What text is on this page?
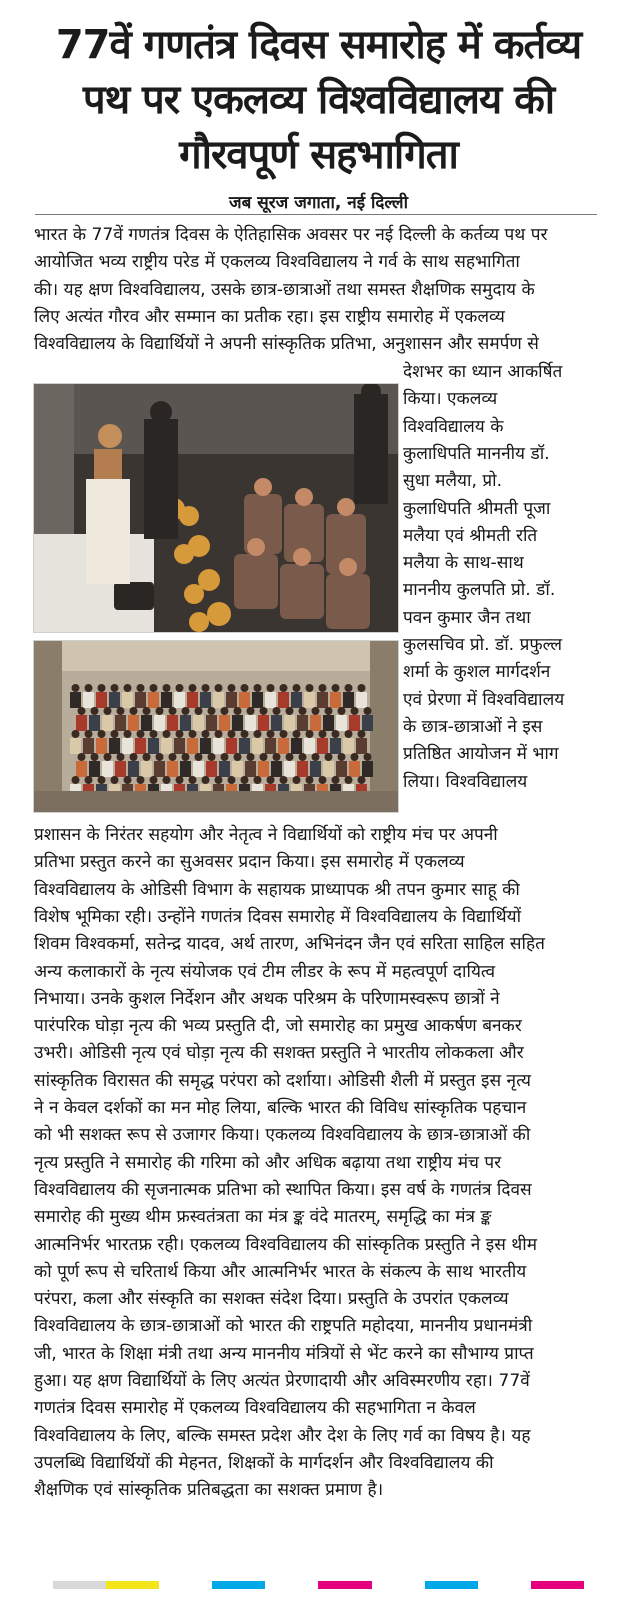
77वें गणतंत्र दिवस समारोह में कर्तव्य
पथ पर एकलव्य विश्वविद्यालय की
गौरवपूर्ण सहभागिता
जब सूरज जगाता, नई दिल्ली
भारत के 77वें गणतंत्र दिवस के ऐतिहासिक अवसर पर नई दिल्ली के कर्तव्य पथ पर
आयोजित भव्य राष्ट्रीय परेड में एकलव्य विश्वविद्यालय ने गर्व के साथ सहभागिता
की। यह क्षण विश्वविद्यालय, उसके छात्र-छात्राओं तथा समस्त शैक्षणिक समुदाय के
लिए अत्यंत गौरव और सम्मान का प्रतीक रहा। इस राष्ट्रीय समारोह में एकलव्य
विश्वविद्यालय के विद्यार्थियों ने अपनी सांस्कृतिक प्रतिभा, अनुशासन और समर्पण से
देशभर का ध्यान आकर्षित
किया। एकलव्य
विश्वविद्यालय के
कुलाधिपति माननीय डॉ.
सुधा मलैया, प्रो.
कुलाधिपति श्रीमती पूजा
मलैया एवं श्रीमती रति
मलैया के साथ-साथ
माननीय कुलपति प्रो. डॉ.
पवन कुमार जैन तथा
कुलसचिव प्रो. डॉ. प्रफुल्ल
शर्मा के कुशल मार्गदर्शन
एवं प्रेरणा में विश्वविद्यालय
के छात्र-छात्राओं ने इस
प्रतिष्ठित आयोजन में भाग
लिया। विश्वविद्यालय
प्रशासन के निरंतर सहयोग और नेतृत्व ने विद्यार्थियों को राष्ट्रीय मंच पर अपनी
प्रतिभा प्रस्तुत करने का सुअवसर प्रदान किया। इस समारोह में एकलव्य
विश्वविद्यालय के ओडिसी विभाग के सहायक प्राध्यापक श्री तपन कुमार साहू की
विशेष भूमिका रही। उन्होंने गणतंत्र दिवस समारोह में विश्वविद्यालय के विद्यार्थियों
शिवम विश्वकर्मा, सतेन्द्र यादव, अर्थ तारण, अभिनंदन जैन एवं सरिता साहिल सहित
अन्य कलाकारों के नृत्य संयोजक एवं टीम लीडर के रूप में महत्वपूर्ण दायित्व
निभाया। उनके कुशल निर्देशन और अथक परिश्रम के परिणामस्वरूप छात्रों ने
पारंपरिक घोड़ा नृत्य की भव्य प्रस्तुति दी, जो समारोह का प्रमुख आकर्षण बनकर
उभरी। ओडिसी नृत्य एवं घोड़ा नृत्य की सशक्त प्रस्तुति ने भारतीय लोककला और
सांस्कृतिक विरासत की समृद्ध परंपरा को दर्शाया। ओडिसी शैली में प्रस्तुत इस नृत्य
ने न केवल दर्शकों का मन मोह लिया, बल्कि भारत की विविध सांस्कृतिक पहचान
को भी सशक्त रूप से उजागर किया। एकलव्य विश्वविद्यालय के छात्र-छात्राओं की
नृत्य प्रस्तुति ने समारोह की गरिमा को और अधिक बढ़ाया तथा राष्ट्रीय मंच पर
विश्वविद्यालय की सृजनात्मक प्रतिभा को स्थापित किया। इस वर्ष के गणतंत्र दिवस
समारोह की मुख्य थीम फ्रस्वतंत्रता का मंत्र ङ्क वंदे मातरम्, समृद्धि का मंत्र ङ्क
आत्मनिर्भर भारतफ्र रही। एकलव्य विश्वविद्यालय की सांस्कृतिक प्रस्तुति ने इस थीम
को पूर्ण रूप से चरितार्थ किया और आत्मनिर्भर भारत के संकल्प के साथ भारतीय
परंपरा, कला और संस्कृति का सशक्त संदेश दिया। प्रस्तुति के उपरांत एकलव्य
विश्वविद्यालय के छात्र-छात्राओं को भारत की राष्ट्रपति महोदया, माननीय प्रधानमंत्री
जी, भारत के शिक्षा मंत्री तथा अन्य माननीय मंत्रियों से भेंट करने का सौभाग्य प्राप्त
हुआ। यह क्षण विद्यार्थियों के लिए अत्यंत प्रेरणादायी और अविस्मरणीय रहा। 77वें
गणतंत्र दिवस समारोह में एकलव्य विश्वविद्यालय की सहभागिता न केवल
विश्वविद्यालय के लिए, बल्कि समस्त प्रदेश और देश के लिए गर्व का विषय है। यह
उपलब्धि विद्यार्थियों की मेहनत, शिक्षकों के मार्गदर्शन और विश्वविद्यालय की
शैक्षणिक एवं सांस्कृतिक प्रतिबद्धता का सशक्त प्रमाण है।
